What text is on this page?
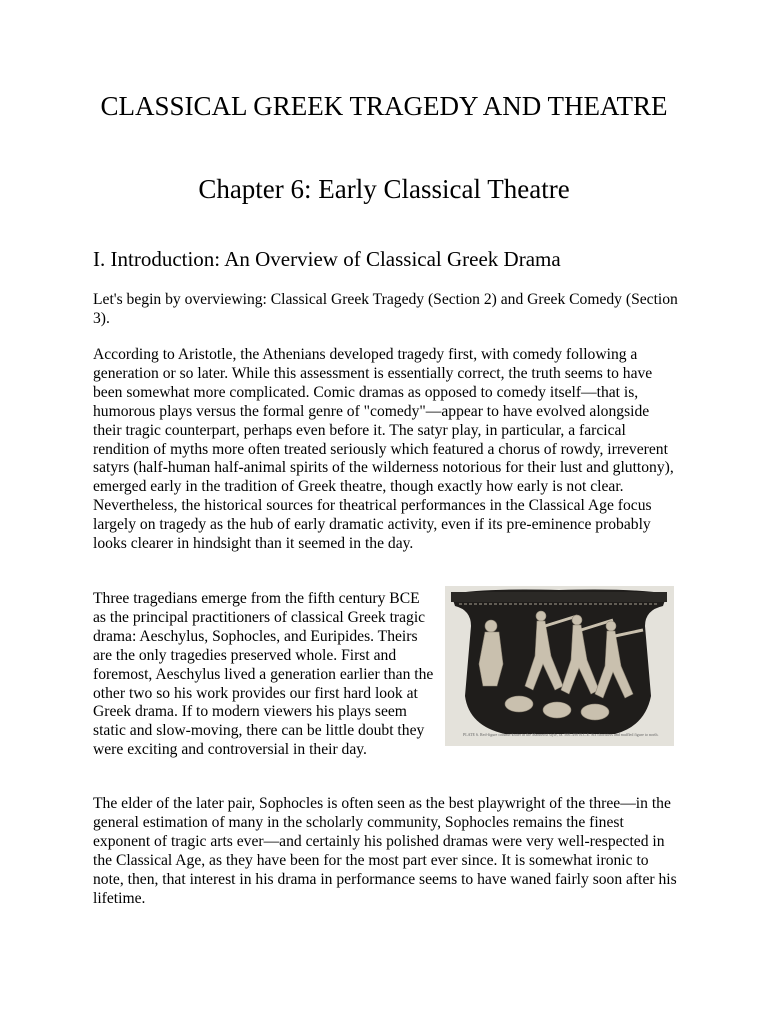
CLASSICAL GREEK TRAGEDY AND THEATRE
Chapter 6: Early Classical Theatre
I. Introduction: An Overview of Classical Greek Drama

Let's begin by overviewing: Classical Greek Tragedy (Section 2) and Greek Comedy (Section 3).

According to Aristotle, the Athenians developed tragedy first, with comedy following a generation or so later. While this assessment is essentially correct, the truth seems to have been somewhat more complicated. Comic dramas as opposed to comedy itself—that is, humorous plays versus the formal genre of "comedy"—appear to have evolved alongside their tragic counterpart, perhaps even before it. The satyr play, in particular, a farcical rendition of myths more often treated seriously which featured a chorus of rowdy, irreverent satyrs (half-human half-animal spirits of the wilderness notorious for their lust and gluttony), emerged early in the tradition of Greek theatre, though exactly how early is not clear. Nevertheless, the historical sources for theatrical performances in the Classical Age focus largely on tragedy as the hub of early dramatic activity, even if its pre-eminence probably looks clearer in hindsight than it seemed in the day.

Three tragedians emerge from the fifth century BCE as the principal practitioners of classical Greek tragic drama: Aeschylus, Sophocles, and Euripides. Theirs are the only tragedies preserved whole. First and foremost, Aeschylus lived a generation earlier than the other two so his work provides our first hard look at Greek drama. If to modern viewers his plays seem static and slow-moving, there can be little doubt they were exciting and controversial in their day.

PLATE 6. Red-figure column-krater in the Mannerist style, ca. 500–490 B.C.E. Six choristers and muffled figure to north.

The elder of the later pair, Sophocles is often seen as the best playwright of the three—in the general estimation of many in the scholarly community, Sophocles remains the finest exponent of tragic arts ever—and certainly his polished dramas were very well-respected in the Classical Age, as they have been for the most part ever since. It is somewhat ironic to note, then, that interest in his drama in performance seems to have waned fairly soon after his lifetime.
